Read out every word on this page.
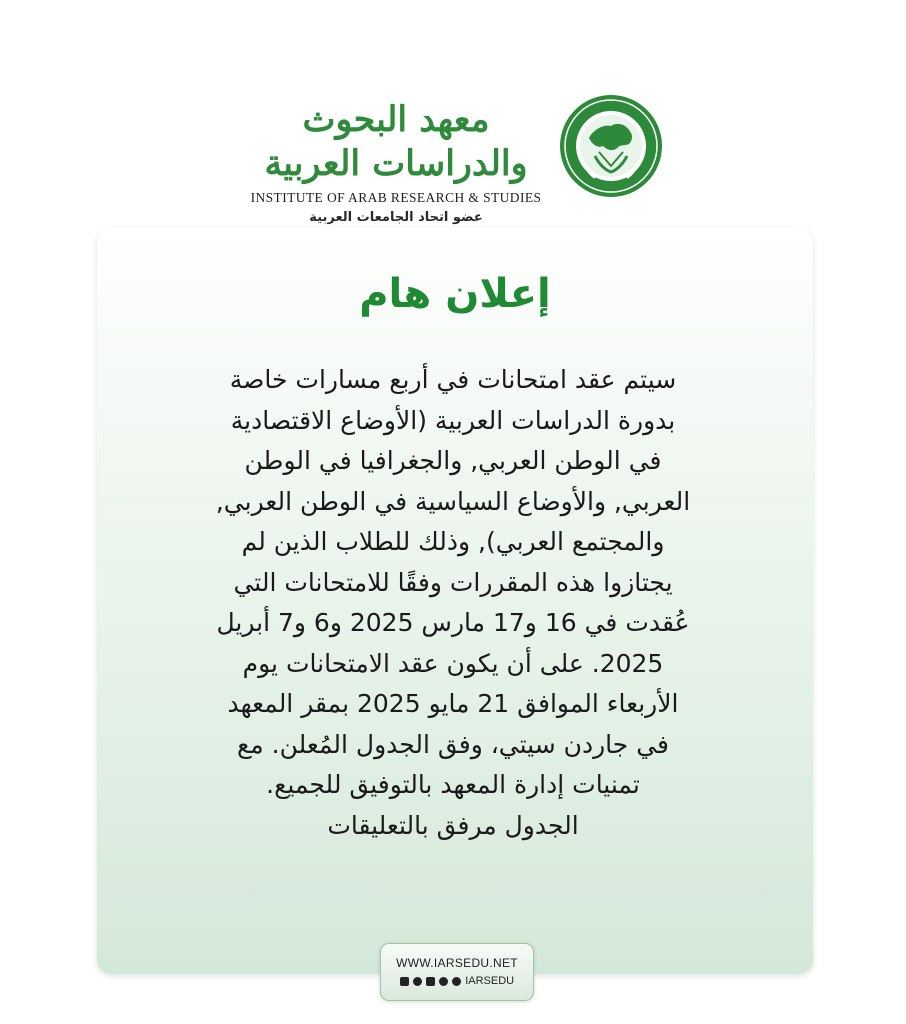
معهد البحوث والدراسات العربية
INSTITUTE OF ARAB RESEARCH & STUDIES
عضو اتحاد الجامعات العربية
إعلان هام
سيتم عقد امتحانات في أربع مسارات خاصة
بدورة الدراسات العربية (الأوضاع الاقتصادية
في الوطن العربي, والجغرافيا في الوطن
العربي, والأوضاع السياسية في الوطن العربي,
والمجتمع العربي), وذلك للطلاب الذين لم
يجتازوا هذه المقررات وفقًا للامتحانات التي
عُقدت في 16 و17 مارس 2025 و6 و7 أبريل
2025. على أن يكون عقد الامتحانات يوم
الأربعاء الموافق 21 مايو 2025 بمقر المعهد
في جاردن سيتي، وفق الجدول المُعلن. مع
تمنيات إدارة المعهد بالتوفيق للجميع.
الجدول مرفق بالتعليقات
WWW.IARSEDU.NET
IARSEDU
